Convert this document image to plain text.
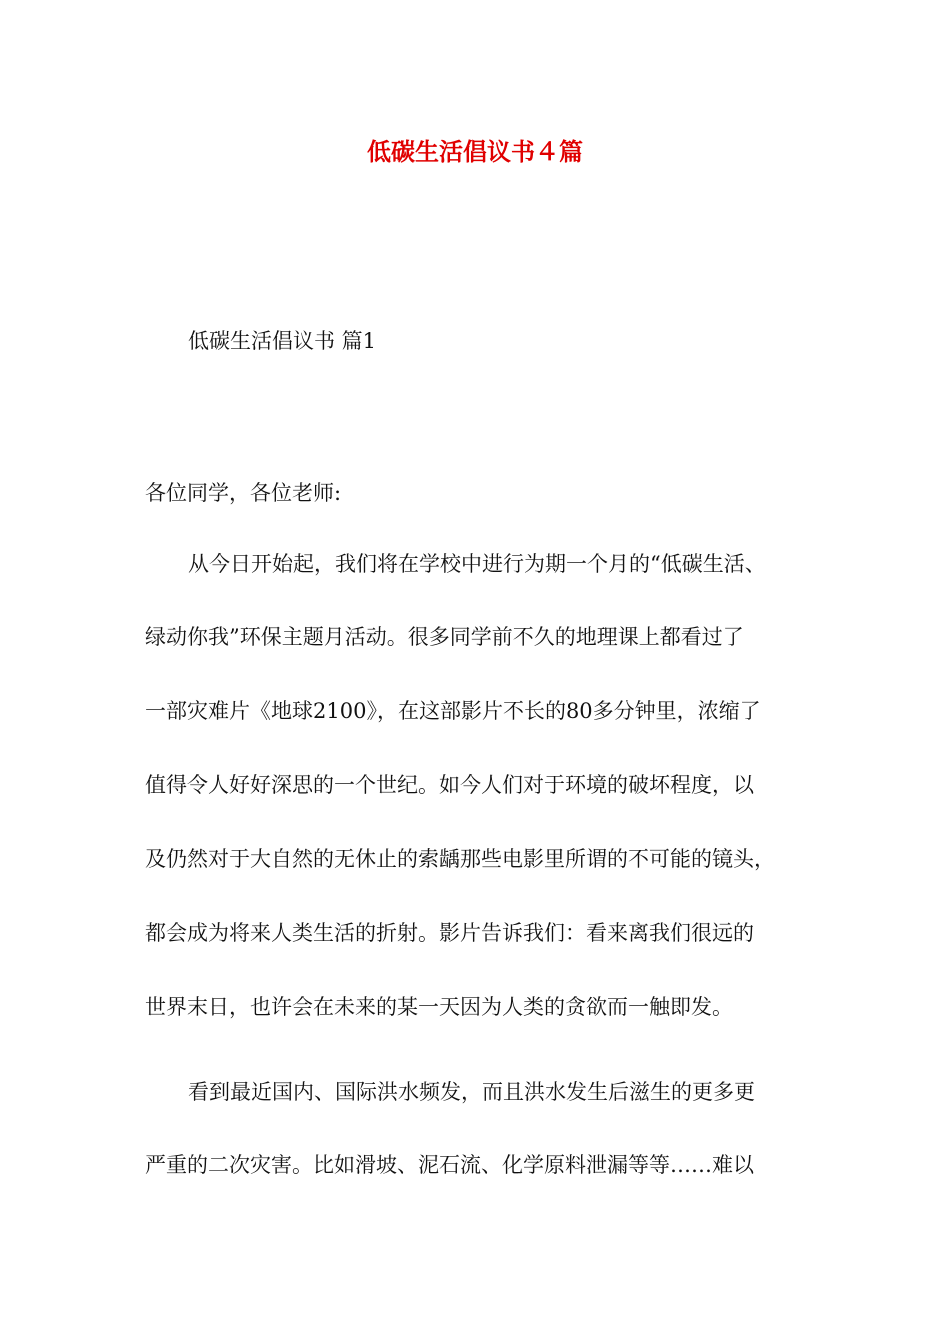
低碳生活倡议书４篇
低碳生活倡议书 篇1

各位同学，各位老师:

从今日开始起，我们将在学校中进行为期一个月的“低碳生活、

绿动你我”环保主题月活动。很多同学前不久的地理课上都看过了

一部灾难片《地球2100》，在这部影片不长的80多分钟里，浓缩了

值得令人好好深思的一个世纪。如今人们对于环境的破坏程度，以

及仍然对于大自然的无休止的索龋那些电影里所谓的不可能的镜头，

都会成为将来人类生活的折射。影片告诉我们：看来离我们很远的

世界末日，也许会在未来的某一天因为人类的贪欲而一触即发。

看到最近国内、国际洪水频发，而且洪水发生后滋生的更多更

严重的二次灾害。比如滑坡、泥石流、化学原料泄漏等等……难以
